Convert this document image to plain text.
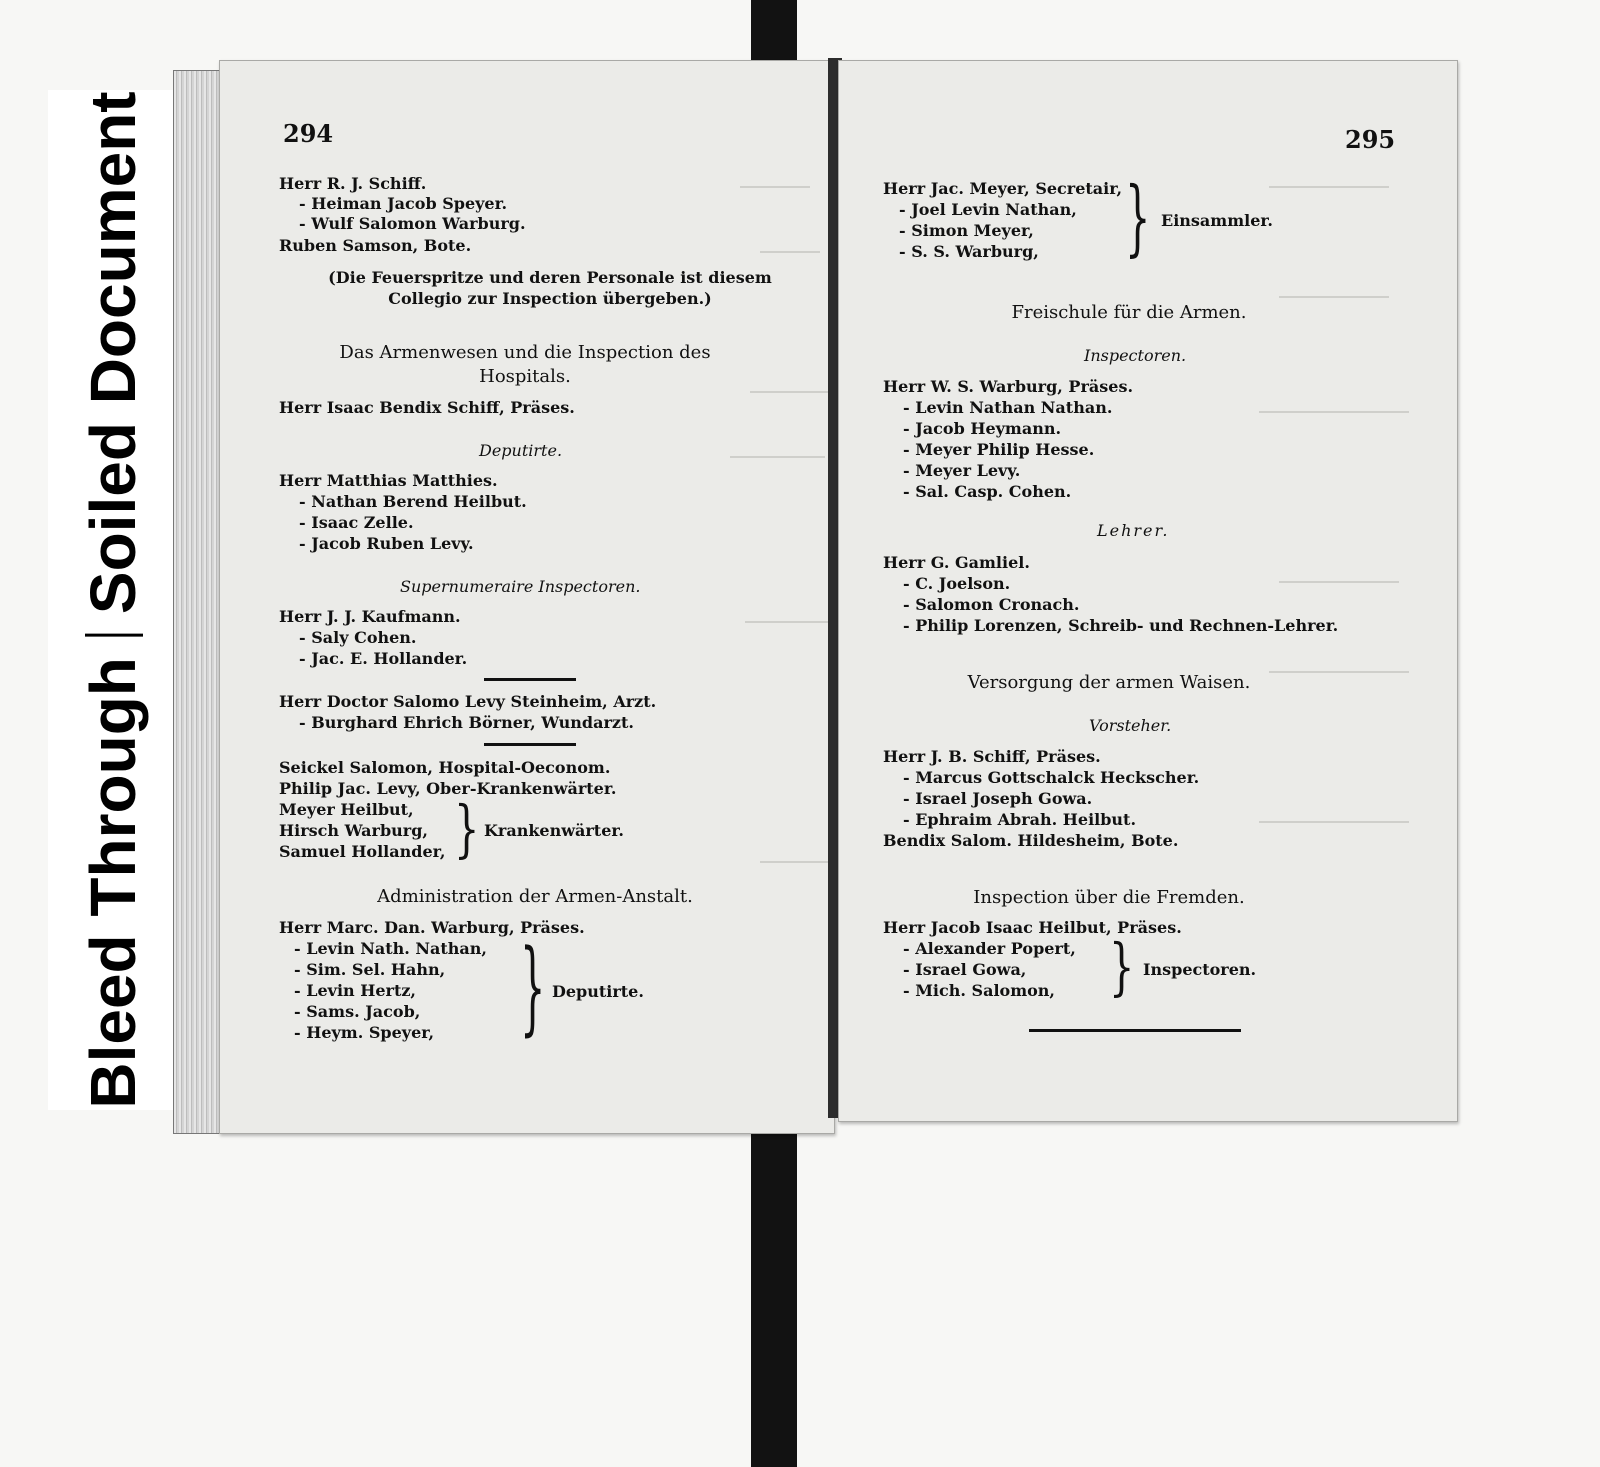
Bleed ThroughSoiled Document	294
Herr R. J. Schiff.
- Heiman Jacob Speyer.
- Wulf Salomon Warburg.
Ruben Samson, Bote.
(Die Feuerspritze und deren Personale ist diesem
Collegio zur Inspection übergeben.)
Das Armenwesen und die Inspection des
Hospitals.
Herr Isaac Bendix Schiff, Präses.
Deputirte.
Herr Matthias Matthies.
- Nathan Berend Heilbut.
- Isaac Zelle.
- Jacob Ruben Levy.
Supernumeraire Inspectoren.
Herr J. J. Kaufmann.
- Saly Cohen.
- Jac. E. Hollander.
Herr Doctor Salomo Levy Steinheim, Arzt.
- Burghard Ehrich Börner, Wundarzt.
Seickel Salomon, Hospital-Oeconom.
Philip Jac. Levy, Ober-Krankenwärter.
Meyer Heilbut,
Hirsch Warburg,
Samuel Hollander, } Krankenwärter.
Administration der Armen-Anstalt.
Herr Marc. Dan. Warburg, Präses.
- Levin Nath. Nathan,
- Sim. Sel. Hahn,
- Levin Hertz,
- Sams. Jacob,
- Heym. Speyer, } Deputirte.
295
Herr Jac. Meyer, Secretair,
- Joel Levin Nathan,
- Simon Meyer,
- S. S. Warburg, } Einsammler.
Freischule für die Armen.
Inspectoren.
Herr W. S. Warburg, Präses.
- Levin Nathan Nathan.
- Jacob Heymann.
- Meyer Philip Hesse.
- Meyer Levy.
- Sal. Casp. Cohen.
Lehrer.
Herr G. Gamliel.
- C. Joelson.
- Salomon Cronach.
- Philip Lorenzen, Schreib- und Rechnen-Lehrer.
Versorgung der armen Waisen.
Vorsteher.
Herr J. B. Schiff, Präses.
- Marcus Gottschalck Heckscher.
- Israel Joseph Gowa.
- Ephraim Abrah. Heilbut.
Bendix Salom. Hildesheim, Bote.
Inspection über die Fremden.
Herr Jacob Isaac Heilbut, Präses.
- Alexander Popert,
- Israel Gowa,
- Mich. Salomon, } Inspectoren.
